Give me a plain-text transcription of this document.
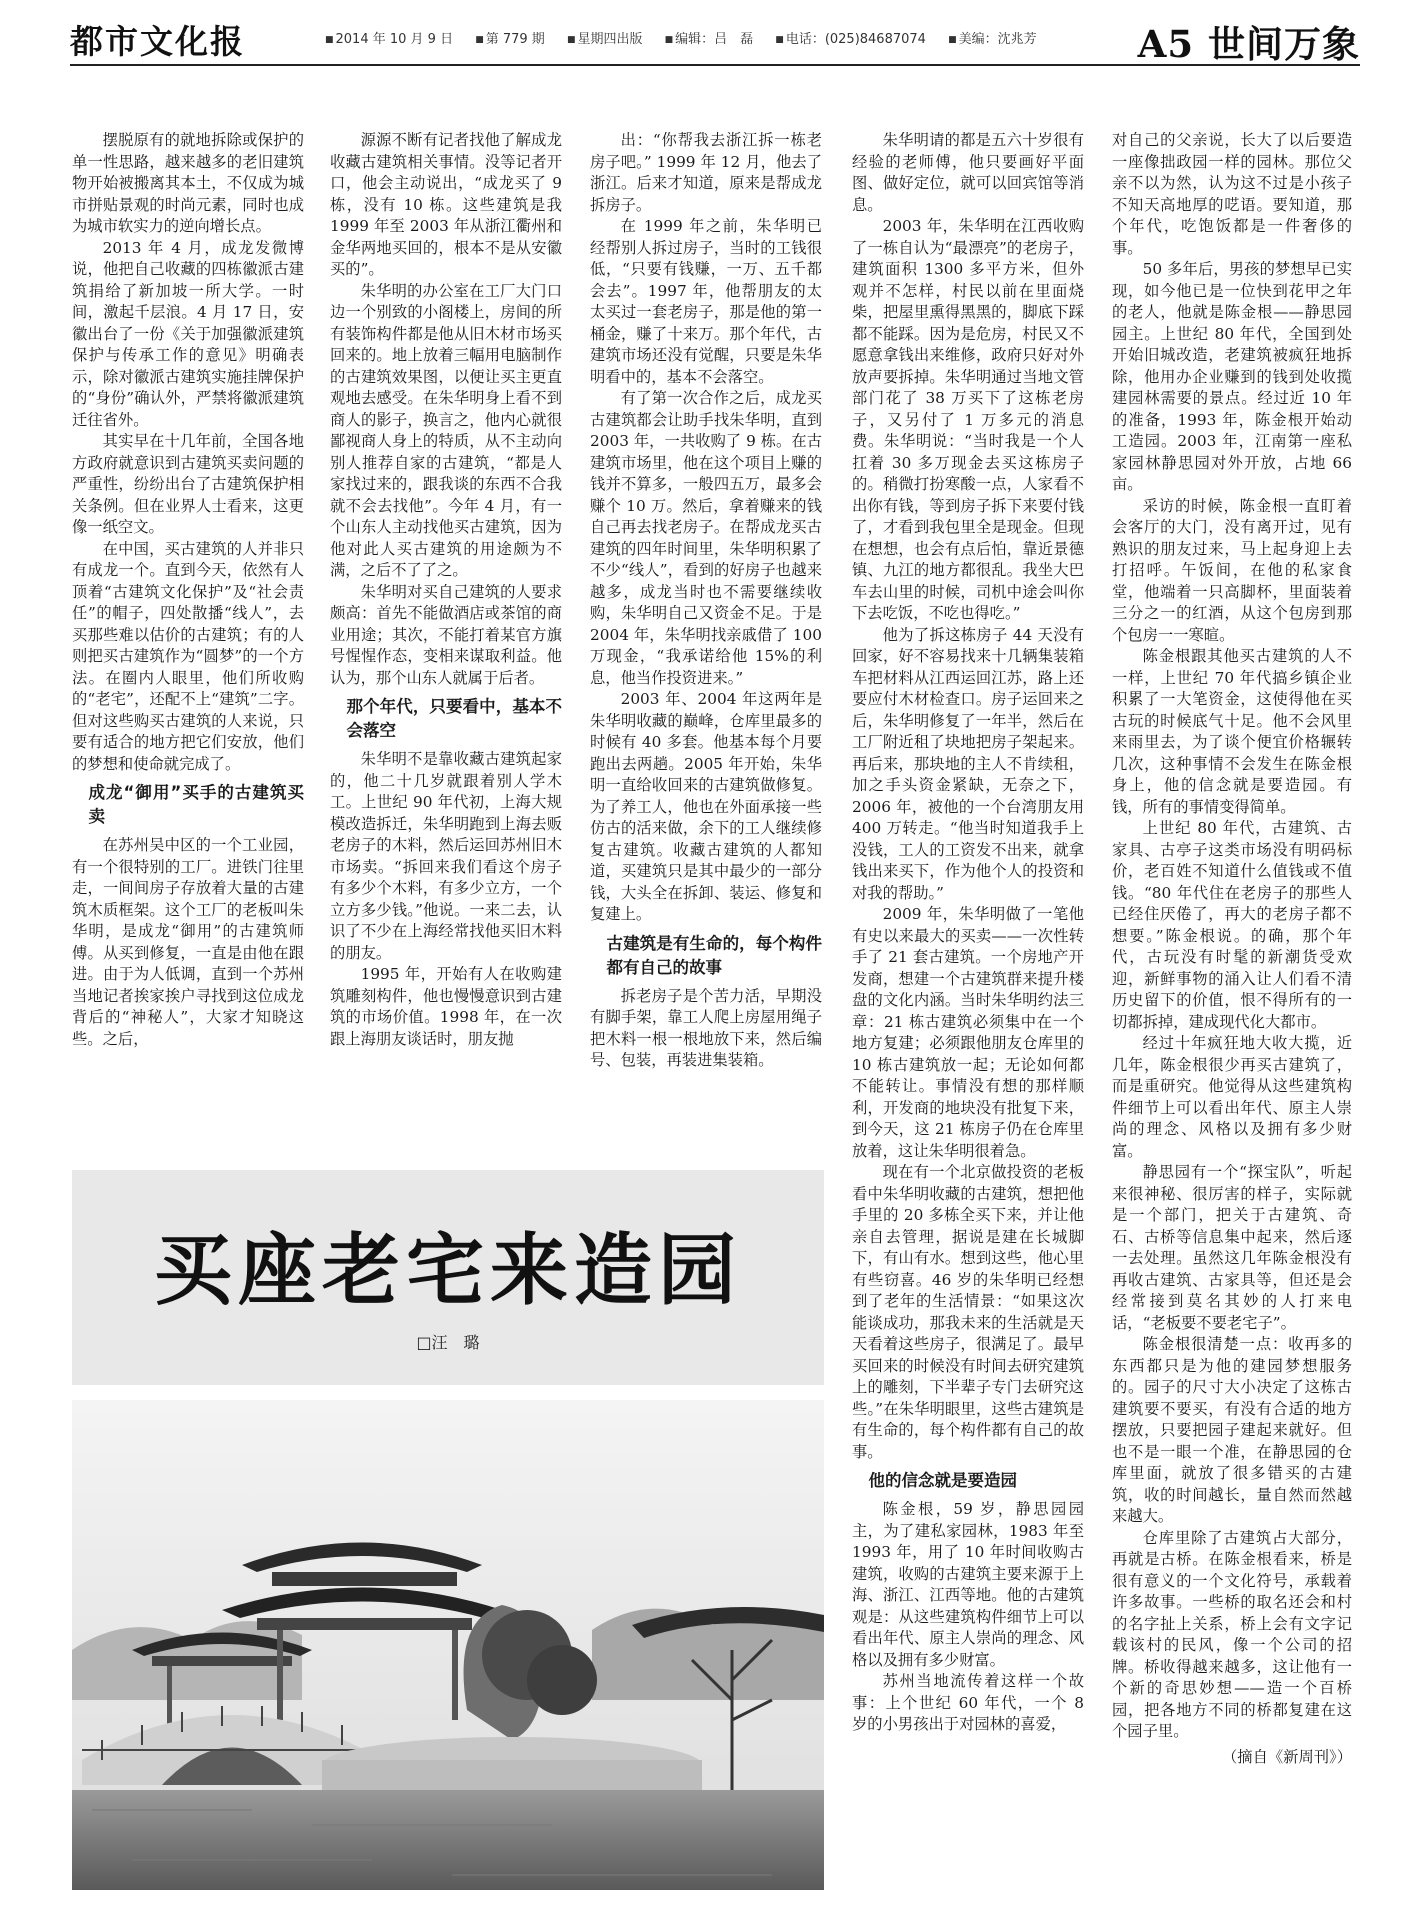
都市文化报	■ 2014 年 10 月 9 日	■ 第 779 期	■ 星期四出版	■ 编辑：吕　磊	■ 电话：(025)84687074	■ 美编：沈兆芳	A5 世间万象

摆脱原有的就地拆除或保护的单一性思路，越来越多的老旧建筑物开始被搬离其本土，不仅成为城市拼贴景观的时尚元素，同时也成为城市软实力的逆向增长点。

2013 年 4 月，成龙发微博说，他把自己收藏的四栋徽派古建筑捐给了新加坡一所大学。一时间，激起千层浪。4 月 17 日，安徽出台了一份《关于加强徽派建筑保护与传承工作的意见》明确表示，除对徽派古建筑实施挂牌保护的“身份”确认外，严禁将徽派建筑迁往省外。

其实早在十几年前，全国各地方政府就意识到古建筑买卖问题的严重性，纷纷出台了古建筑保护相关条例。但在业界人士看来，这更像一纸空文。

在中国，买古建筑的人并非只有成龙一个。直到今天，依然有人顶着“古建筑文化保护”及“社会责任”的帽子，四处散播“线人”，去买那些难以估价的古建筑；有的人则把买古建筑作为“圆梦”的一个方法。在圈内人眼里，他们所收购的“老宅”，还配不上“建筑”二字。但对这些购买古建筑的人来说，只要有适合的地方把它们安放，他们的梦想和使命就完成了。

成龙“御用”买手的古建筑买卖

在苏州吴中区的一个工业园，有一个很特别的工厂。进铁门往里走，一间间房子存放着大量的古建筑木质框架。这个工厂的老板叫朱华明，是成龙“御用”的古建筑师傅。从买到修复，一直是由他在跟进。由于为人低调，直到一个苏州当地记者挨家挨户寻找到这位成龙背后的“神秘人”，大家才知晓这些。之后，

源源不断有记者找他了解成龙收藏古建筑相关事情。没等记者开口，他会主动说出，“成龙买了 9 栋，没有 10 栋。这些建筑是我 1999 年至 2003 年从浙江衢州和金华两地买回的，根本不是从安徽买的”。

朱华明的办公室在工厂大门口边一个别致的小阁楼上，房间的所有装饰构件都是他从旧木材市场买回来的。地上放着三幅用电脑制作的古建筑效果图，以便让买主更直观地去感受。在朱华明身上看不到商人的影子，换言之，他内心就很鄙视商人身上的特质，从不主动向别人推荐自家的古建筑，“都是人家找过来的，跟我谈的东西不合我就不会去找他”。今年 4 月，有一个山东人主动找他买古建筑，因为他对此人买古建筑的用途颇为不满，之后不了了之。

朱华明对买自己建筑的人要求颇高：首先不能做酒店或茶馆的商业用途；其次，不能打着某官方旗号惺惺作态，变相来谋取利益。他认为，那个山东人就属于后者。

那个年代，只要看中，基本不会落空

朱华明不是靠收藏古建筑起家的，他二十几岁就跟着别人学木工。上世纪 90 年代初，上海大规模改造拆迁，朱华明跑到上海去贩老房子的木料，然后运回苏州旧木市场卖。“拆回来我们看这个房子有多少个木料，有多少立方，一个立方多少钱。”他说。一来二去，认识了不少在上海经常找他买旧木料的朋友。

1995 年，开始有人在收购建筑雕刻构件，他也慢慢意识到古建筑的市场价值。1998 年，在一次跟上海朋友谈话时，朋友抛

出：“你帮我去浙江拆一栋老房子吧。” 1999 年 12 月，他去了浙江。后来才知道，原来是帮成龙拆房子。

在 1999 年之前，朱华明已经帮别人拆过房子，当时的工钱很低，“只要有钱赚，一万、五千都会去”。1997 年，他帮朋友的太太买过一套老房子，那是他的第一桶金，赚了十来万。那个年代，古建筑市场还没有觉醒，只要是朱华明看中的，基本不会落空。

有了第一次合作之后，成龙买古建筑都会让助手找朱华明，直到 2003 年，一共收购了 9 栋。在古建筑市场里，他在这个项目上赚的钱并不算多，一般四五万，最多会赚个 10 万。然后，拿着赚来的钱自己再去找老房子。在帮成龙买古建筑的四年时间里，朱华明积累了不少“线人”，看到的好房子也越来越多，成龙当时也不需要继续收购，朱华明自己又资金不足。于是 2004 年，朱华明找亲戚借了 100 万现金，“我承诺给他 15%的利息，他当作投资进来。”

2003 年、2004 年这两年是朱华明收藏的巅峰，仓库里最多的时候有 40 多套。他基本每个月要跑出去两趟。2005 年开始，朱华明一直给收回来的古建筑做修复。为了养工人，他也在外面承接一些仿古的活来做，余下的工人继续修复古建筑。收藏古建筑的人都知道，买建筑只是其中最少的一部分钱，大头全在拆卸、装运、修复和复建上。

古建筑是有生命的，每个构件都有自己的故事

拆老房子是个苦力活，早期没有脚手架，靠工人爬上房屋用绳子把木料一根一根地放下来，然后编号、包装，再装进集装箱。

朱华明请的都是五六十岁很有经验的老师傅，他只要画好平面图、做好定位，就可以回宾馆等消息。

2003 年，朱华明在江西收购了一栋自认为“最漂亮”的老房子，建筑面积 1300 多平方米，但外观并不怎样，村民以前在里面烧柴，把屋里熏得黑黑的，脚底下踩都不能踩。因为是危房，村民又不愿意拿钱出来维修，政府只好对外放声要拆掉。朱华明通过当地文管部门花了 38 万买下了这栋老房子，又另付了 1 万多元的消息费。朱华明说：“当时我是一个人扛着 30 多万现金去买这栋房子的。稍微打扮寒酸一点，人家看不出你有钱，等到房子拆下来要付钱了，才看到我包里全是现金。但现在想想，也会有点后怕，靠近景德镇、九江的地方都很乱。我坐大巴车去山里的时候，司机中途会叫你下去吃饭，不吃也得吃。”

他为了拆这栋房子 44 天没有回家，好不容易找来十几辆集装箱车把材料从江西运回江苏，路上还要应付木材检查口。房子运回来之后，朱华明修复了一年半，然后在工厂附近租了块地把房子架起来。再后来，那块地的主人不肯续租，加之手头资金紧缺，无奈之下，2006 年，被他的一个台湾朋友用 400 万转走。“他当时知道我手上没钱，工人的工资发不出来，就拿钱出来买下，作为他个人的投资和对我的帮助。”

2009 年，朱华明做了一笔他有史以来最大的买卖——一次性转手了 21 套古建筑。一个房地产开发商，想建一个古建筑群来提升楼盘的文化内涵。当时朱华明约法三章：21 栋古建筑必须集中在一个地方复建；必须跟他朋友仓库里的 10 栋古建筑放一起；无论如何都不能转让。事情没有想的那样顺利，开发商的地块没有批复下来，到今天，这 21 栋房子仍在仓库里放着，这让朱华明很着急。

现在有一个北京做投资的老板看中朱华明收藏的古建筑，想把他手里的 20 多栋全买下来，并让他亲自去管理，据说是建在长城脚下，有山有水。想到这些，他心里有些窃喜。46 岁的朱华明已经想到了老年的生活情景：“如果这次能谈成功，那我未来的生活就是天天看着这些房子，很满足了。最早买回来的时候没有时间去研究建筑上的雕刻，下半辈子专门去研究这些。”在朱华明眼里，这些古建筑是有生命的，每个构件都有自己的故事。

他的信念就是要造园

陈金根，59 岁，静思园园主，为了建私家园林，1983 年至 1993 年，用了 10 年时间收购古建筑，收购的古建筑主要来源于上海、浙江、江西等地。他的古建筑观是：从这些建筑构件细节上可以看出年代、原主人崇尚的理念、风格以及拥有多少财富。

苏州当地流传着这样一个故事：上个世纪 60 年代，一个 8 岁的小男孩出于对园林的喜爱，

对自己的父亲说，长大了以后要造一座像拙政园一样的园林。那位父亲不以为然，认为这不过是小孩子不知天高地厚的呓语。要知道，那个年代，吃饱饭都是一件奢侈的事。

50 多年后，男孩的梦想早已实现，如今他已是一位快到花甲之年的老人，他就是陈金根——静思园园主。上世纪 80 年代，全国到处开始旧城改造，老建筑被疯狂地拆除，他用办企业赚到的钱到处收揽建园林需要的景点。经过近 10 年的准备，1993 年，陈金根开始动工造园。2003 年，江南第一座私家园林静思园对外开放，占地 66 亩。

采访的时候，陈金根一直盯着会客厅的大门，没有离开过，见有熟识的朋友过来，马上起身迎上去打招呼。午饭间，在他的私家食堂，他端着一只高脚杯，里面装着三分之一的红酒，从这个包房到那个包房一一寒暄。

陈金根跟其他买古建筑的人不一样，上世纪 70 年代搞乡镇企业积累了一大笔资金，这使得他在买古玩的时候底气十足。他不会风里来雨里去，为了谈个便宜价格辗转几次，这种事情不会发生在陈金根身上，他的信念就是要造园。有钱，所有的事情变得简单。

上世纪 80 年代，古建筑、古家具、古亭子这类市场没有明码标价，老百姓不知道什么值钱或不值钱。“80 年代住在老房子的那些人已经住厌倦了，再大的老房子都不想要。”陈金根说。的确，那个年代，古玩没有时髦的新潮货受欢迎，新鲜事物的涌入让人们看不清历史留下的价值，恨不得所有的一切都拆掉，建成现代化大都市。

经过十年疯狂地大收大揽，近几年，陈金根很少再买古建筑了，而是重研究。他觉得从这些建筑构件细节上可以看出年代、原主人崇尚的理念、风格以及拥有多少财富。

静思园有一个“探宝队”，听起来很神秘、很厉害的样子，实际就是一个部门，把关于古建筑、奇石、古桥等信息集中起来，然后逐一去处理。虽然这几年陈金根没有再收古建筑、古家具等，但还是会经常接到莫名其妙的人打来电话，“老板要不要老宅子”。

陈金根很清楚一点：收再多的东西都只是为他的建园梦想服务的。园子的尺寸大小决定了这栋古建筑要不要买，有没有合适的地方摆放，只要把园子建起来就好。但也不是一眼一个准，在静思园的仓库里面，就放了很多错买的古建筑，收的时间越长，量自然而然越来越大。

仓库里除了古建筑占大部分，再就是古桥。在陈金根看来，桥是很有意义的一个文化符号，承载着许多故事。一些桥的取名还会和村的名字扯上关系，桥上会有文字记载该村的民风，像一个公司的招牌。桥收得越来越多，这让他有一个新的奇思妙想——造一个百桥园，把各地方不同的桥都复建在这个园子里。

（摘自《新周刊》）

买座老宅来造园
□汪　璐
